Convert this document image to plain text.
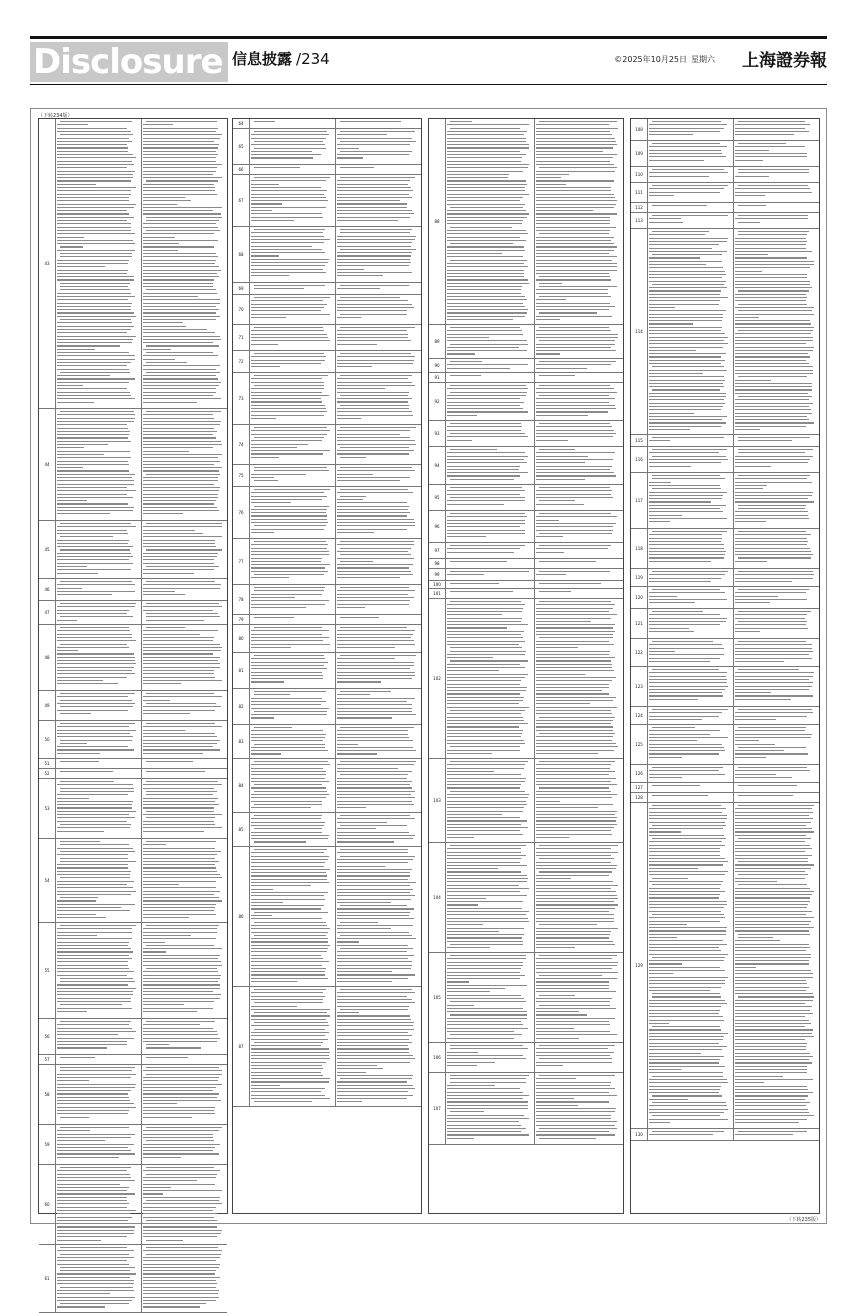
Disclosure 信息披露 /234	©2025年10月25日 星期六 上海證券報
（下转234版）
（下转235版）
43
44
45
46
47
48
49
50
51
52
53
54
55
56
57
58
59
60
61
64
65
66
67
68
69
70
71
72
73
74
75
76
77
78
79
80
81
82
83
84
85
86
87
88
89
90
91
92
93
94
95
96
97
98
99
100
101
102
103
104
105
106
107
108
109
110
111
112
113
114
115
116
117
118
119
120
121
122
123
124
125
126
127
128
129
130
